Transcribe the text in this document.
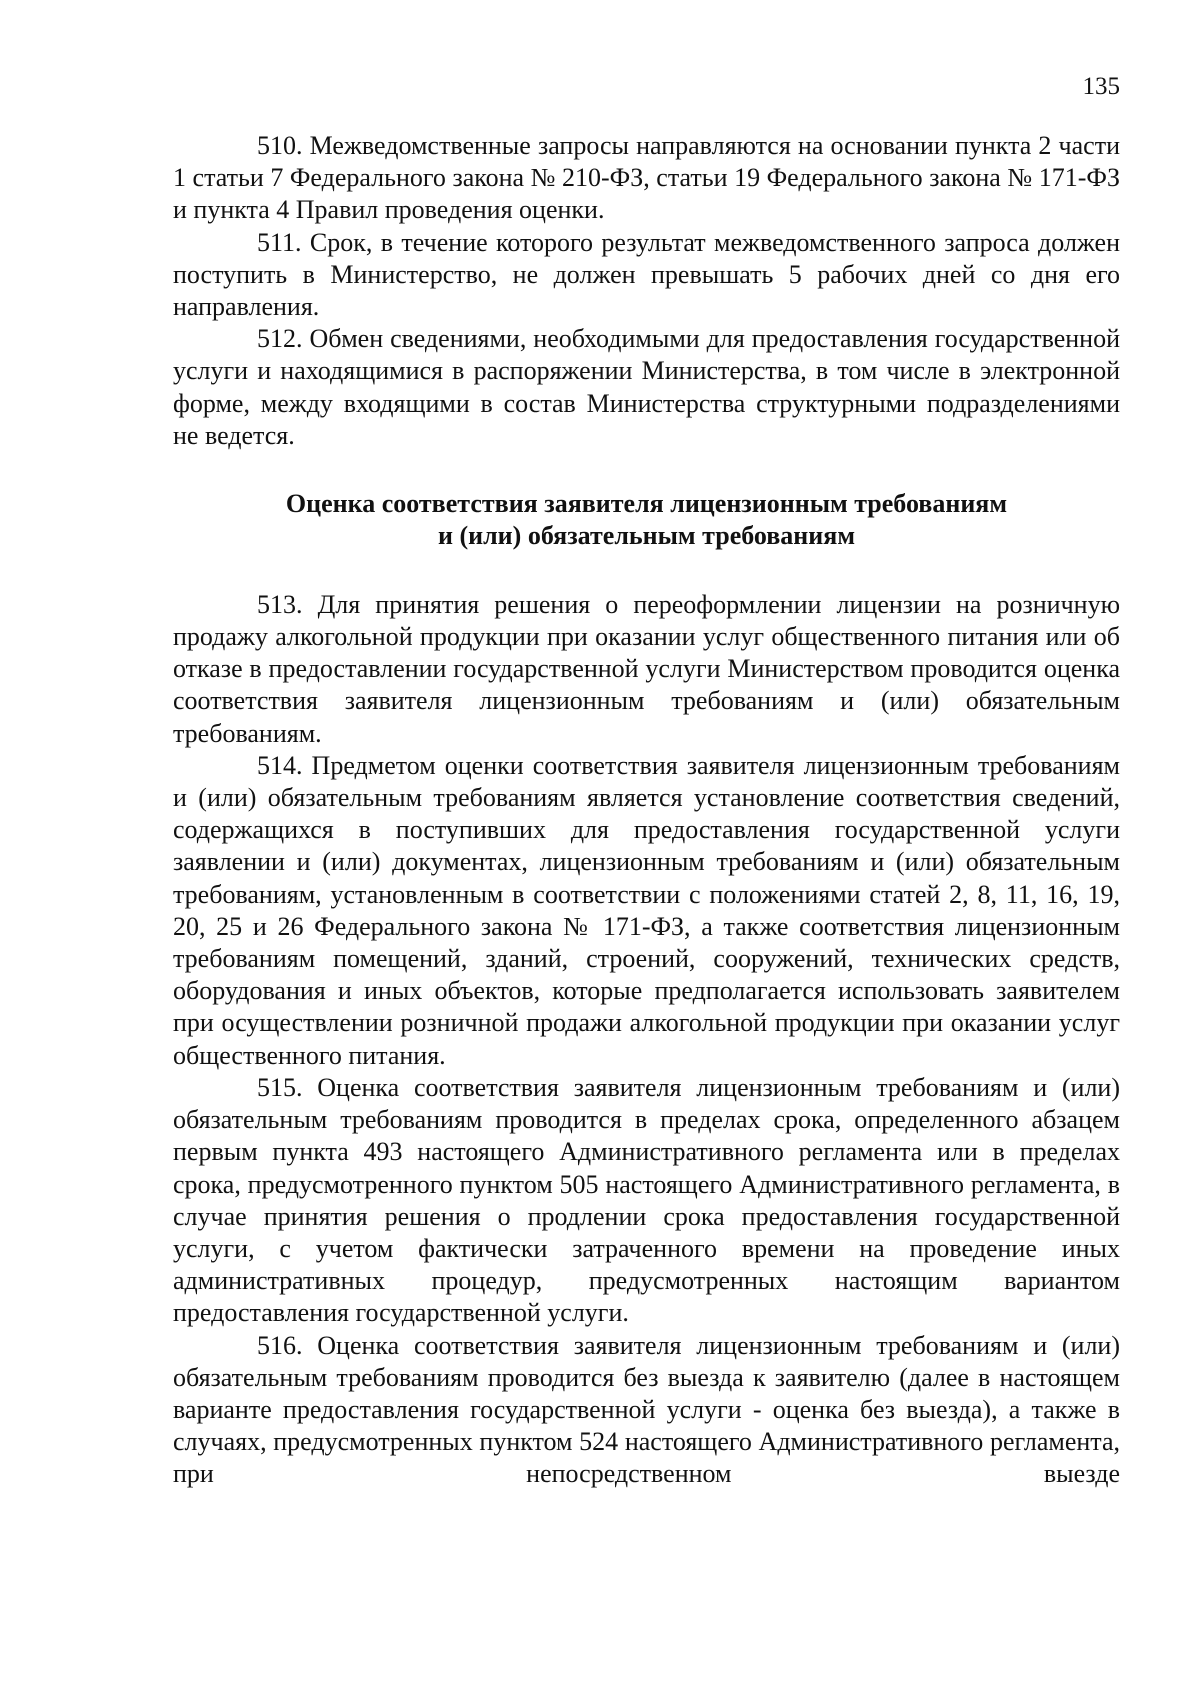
135

510. Межведомственные запросы направляются на основании пункта 2 части 1 статьи 7 Федерального закона № 210-ФЗ, статьи 19 Федерального закона № 171-ФЗ и пункта 4 Правил проведения оценки.

511. Срок, в течение которого результат межведомственного запроса должен поступить в Министерство, не должен превышать 5 рабочих дней со дня его направления.

512. Обмен сведениями, необходимыми для предоставления государственной услуги и находящимися в распоряжении Министерства, в том числе в электронной форме, между входящими в состав Министерства структурными подразделениями не ведется.

Оценка соответствия заявителя лицензионным требованиям
и (или) обязательным требованиям

513. Для принятия решения о переоформлении лицензии на розничную продажу алкогольной продукции при оказании услуг общественного питания или об отказе в предоставлении государственной услуги Министерством проводится оценка соответствия заявителя лицензионным требованиям и (или) обязательным требованиям.

514. Предметом оценки соответствия заявителя лицензионным требованиям и (или) обязательным требованиям является установление соответствия сведений, содержащихся в поступивших для предоставления государственной услуги заявлении и (или) документах, лицензионным требованиям и (или) обязательным требованиям, установленным в соответствии с положениями статей 2, 8, 11, 16, 19, 20, 25 и 26 Федерального закона № 171-ФЗ, а также соответствия лицензионным требованиям помещений, зданий, строений, сооружений, технических средств, оборудования и иных объектов, которые предполагается использовать заявителем при осуществлении розничной продажи алкогольной продукции при оказании услуг общественного питания.

515. Оценка соответствия заявителя лицензионным требованиям и (или) обязательным требованиям проводится в пределах срока, определенного абзацем первым пункта 493 настоящего Административного регламента или в пределах срока, предусмотренного пунктом 505 настоящего Административного регламента, в случае принятия решения о продлении срока предоставления государственной услуги, с учетом фактически затраченного времени на проведение иных административных процедур, предусмотренных настоящим вариантом предоставления государственной услуги.

516. Оценка соответствия заявителя лицензионным требованиям и (или) обязательным требованиям проводится без выезда к заявителю (далее в настоящем варианте предоставления государственной услуги - оценка без выезда), а также в случаях, предусмотренных пунктом 524 настоящего Административного регламента, при непосредственном выезде
